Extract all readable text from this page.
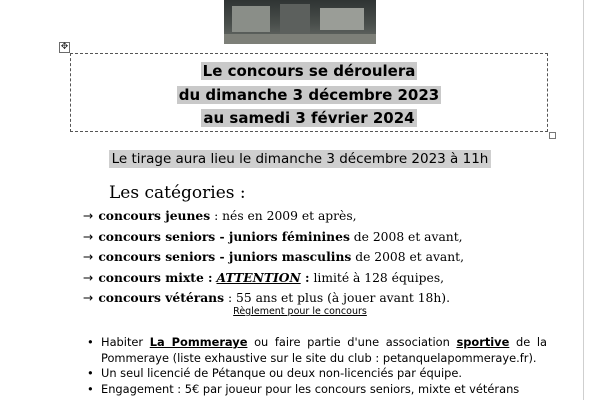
✥
Le concours se déroulera
du dimanche 3 décembre 2023
au samedi 3 février 2024
Le tirage aura lieu le dimanche 3 décembre 2023 à 11h
Les catégories :
→ concours jeunes : nés en 2009 et après,
→ concours seniors - juniors féminines de 2008 et avant,
→ concours seniors - juniors masculins de 2008 et avant,
→ concours mixte : ATTENTION : limité à 128 équipes,
→ concours vétérans : 55 ans et plus (à jouer avant 18h).
Règlement pour le concours
• Habiter La Pommeraye ou faire partie d'une association sportive de la
Pommeraye (liste exhaustive sur le site du club : petanquelapommeraye.fr).
• Un seul licencié de Pétanque ou deux non-licenciés par équipe.
• Engagement : 5€ par joueur pour les concours seniors, mixte et vétérans
